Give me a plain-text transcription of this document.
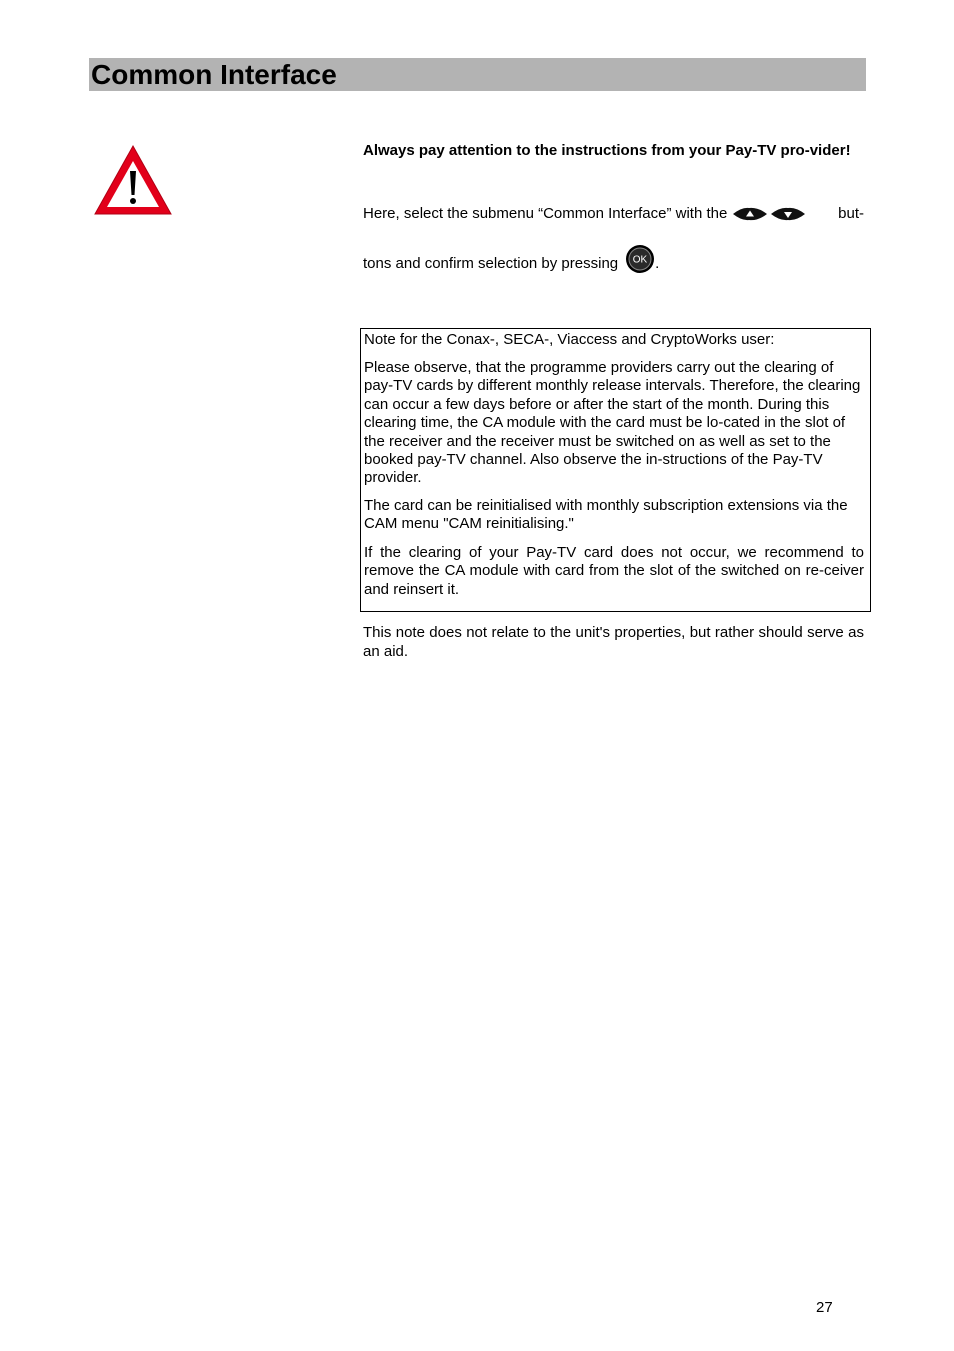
Common Interface
Always pay attention to the instructions from your Pay-TV pro-vider!
Here, select the submenu “Common Interface” with the	but-
tons and confirm selection by pressing OK .

Note for the Conax-, SECA-, Viaccess and CryptoWorks user:

Please observe, that the programme providers carry out the clearing of pay-TV cards by different monthly release intervals. Therefore, the clearing can occur a few days before or after the start of the month. During this clearing time, the CA module with the card must be lo-cated in the slot of the receiver and the receiver must be switched on as well as set to the booked pay-TV channel. Also observe the in-structions of the Pay-TV provider.

The card can be reinitialised with monthly subscription extensions via the CAM menu "CAM reinitialising."

If the clearing of your Pay-TV card does not occur, we recommend to remove the CA module with card from the slot of the switched on re-ceiver and reinsert it.

This note does not relate to the unit's properties, but rather should serve as an aid.
27
